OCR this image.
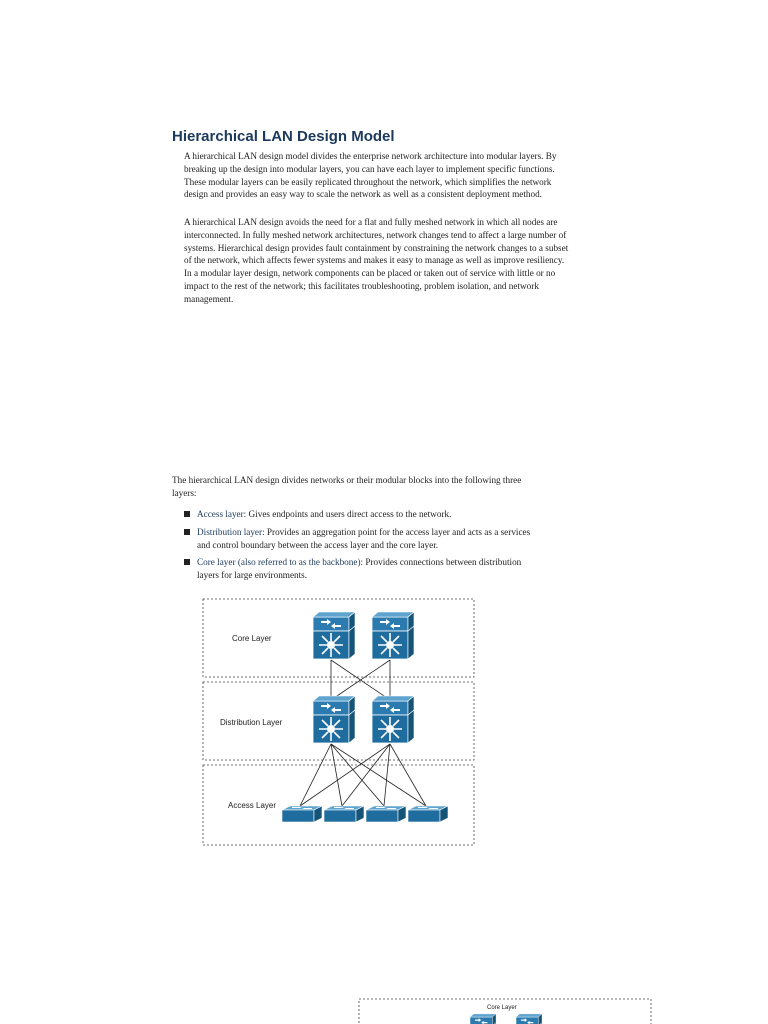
Hierarchical LAN Design Model

A hierarchical LAN design model divides the enterprise network architecture into modular layers. By breaking up the design into modular layers, you can have each layer to implement specific functions. These modular layers can be easily replicated throughout the network, which simplifies the network design and provides an easy way to scale the network as well as a consistent deployment method.

A hierarchical LAN design avoids the need for a flat and fully meshed network in which all nodes are interconnected. In fully meshed network architectures, network changes tend to affect a large number of systems. Hierarchical design provides fault containment by constraining the network changes to a subset of the network, which affects fewer systems and makes it easy to manage as well as improve resiliency. In a modular layer design, network components can be placed or taken out of service with little or no impact to the rest of the network; this facilitates troubleshooting, problem isolation, and network management.

The hierarchical LAN design divides networks or their modular blocks into the following three layers:

Access layer: Gives endpoints and users direct access to the network.
Distribution layer: Provides an aggregation point for the access layer and acts as a services and control boundary between the access layer and the core layer.
Core layer (also referred to as the backbone): Provides connections between distribution layers for large environments.
Core Layer
Distribution Layer
Access Layer
Core Layer
